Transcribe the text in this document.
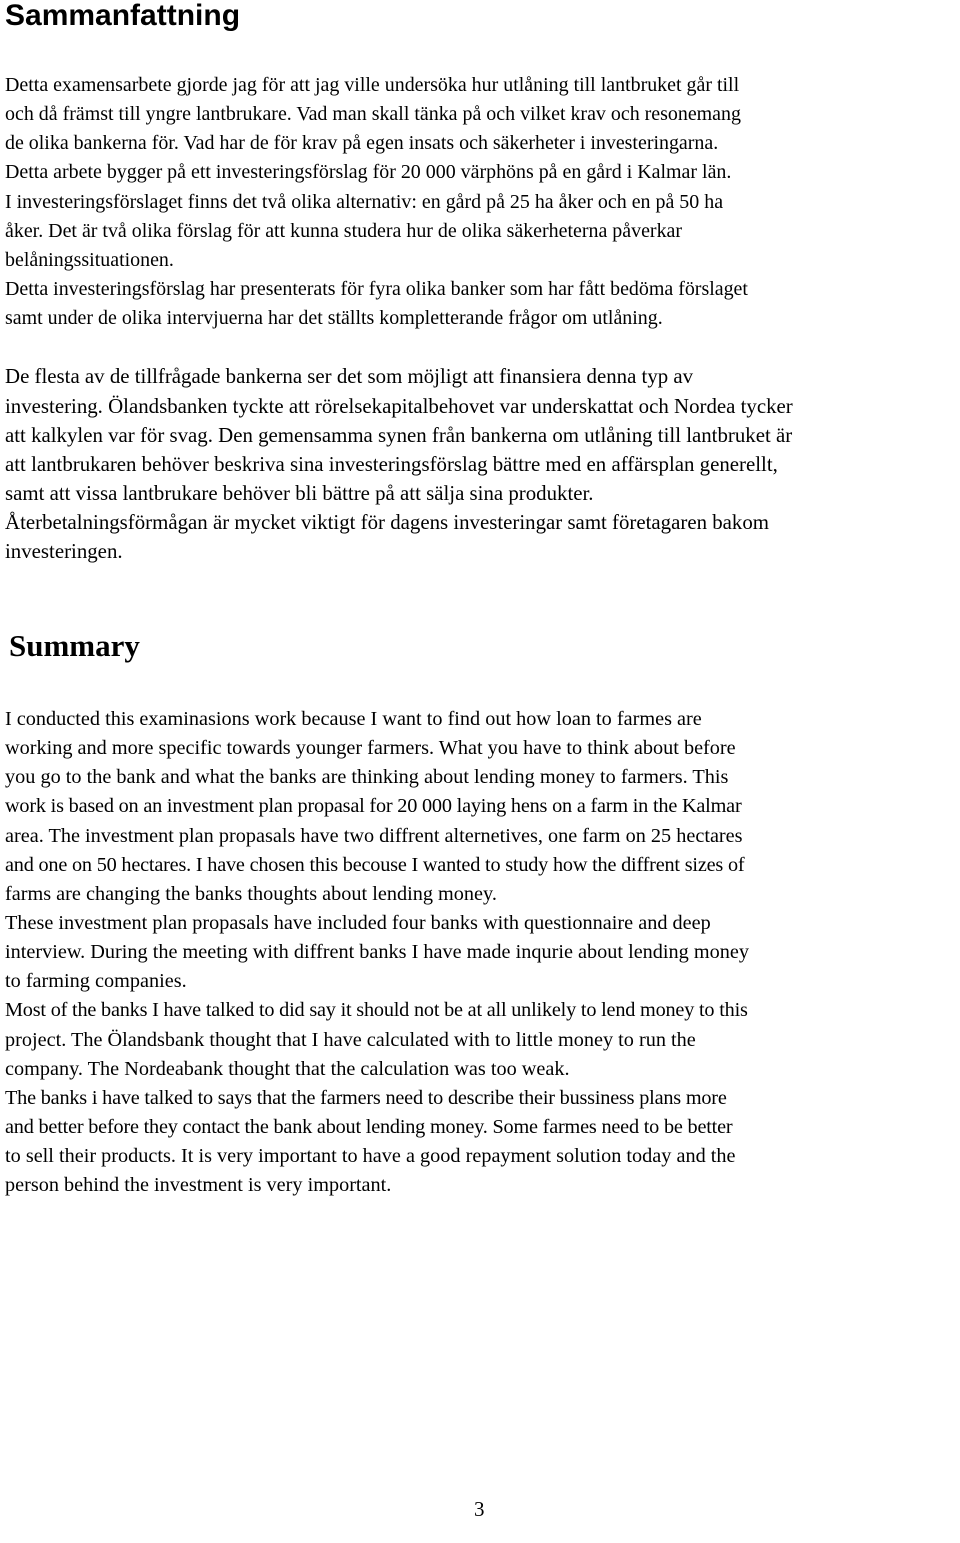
Sammanfattning
Detta examensarbete gjorde jag för att jag ville undersöka hur utlåning till lantbruket går till
och då främst till yngre lantbrukare. Vad man skall tänka på och vilket krav och resonemang
de olika bankerna för. Vad har de för krav på egen insats och säkerheter i investeringarna.
Detta arbete bygger på ett investeringsförslag för 20 000 värphöns på en gård i Kalmar län.
I investeringsförslaget finns det två olika alternativ: en gård på 25 ha åker och en på 50 ha
åker. Det är två olika förslag för att kunna studera hur de olika säkerheterna påverkar
belåningssituationen.
Detta investeringsförslag har presenterats för fyra olika banker som har fått bedöma förslaget
samt under de olika intervjuerna har det ställts kompletterande frågor om utlåning.
De flesta av de tillfrågade bankerna ser det som möjligt att finansiera denna typ av
investering. Ölandsbanken tyckte att rörelsekapitalbehovet var underskattat och Nordea tycker
att kalkylen var för svag. Den gemensamma synen från bankerna om utlåning till lantbruket är
att lantbrukaren behöver beskriva sina investeringsförslag bättre med en affärsplan generellt,
samt att vissa lantbrukare behöver bli bättre på att sälja sina produkter.
Återbetalningsförmågan är mycket viktigt för dagens investeringar samt företagaren bakom
investeringen.
Summary
I conducted this examinasions work because I want to find out how loan to farmes are
working and more specific towards younger farmers. What you have to think about before
you go to the bank and what the banks are thinking about lending money to farmers. This
work is based on an investment plan propasal for 20 000 laying hens on a farm in the Kalmar
area. The investment plan propasals have two diffrent alternetives, one farm on 25 hectares
and one on 50 hectares. I have chosen this becouse I wanted to study how the diffrent sizes of
farms are changing the banks thoughts about lending money.
These investment plan propasals have included four banks with questionnaire and deep
interview. During the meeting with diffrent banks I have made inqurie about lending money
to farming companies.
Most of the banks I have talked to did say it should not be at all unlikely to lend money to this
project. The Ölandsbank thought that I have calculated with to little money to run the
company. The Nordeabank thought that the calculation was too weak.
The banks i have talked to says that the farmers need to describe their bussiness plans more
and better before they contact the bank about lending money. Some farmes need to be better
to sell their products. It is very important to have a good repayment solution today and the
person behind the investment is very important.
3
